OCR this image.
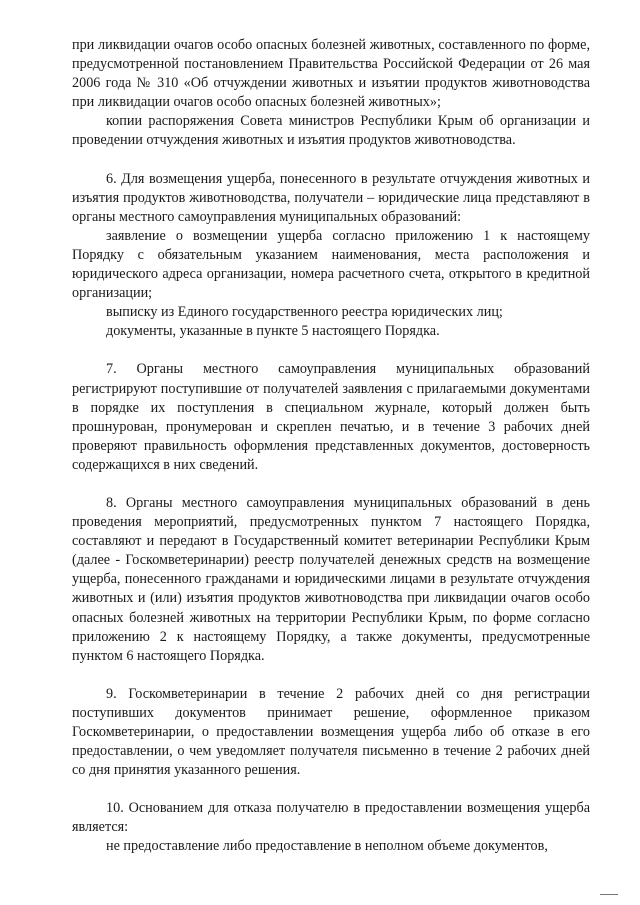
при ликвидации очагов особо опасных болезней животных, составленного по форме, предусмотренной постановлением Правительства Российской Федерации от 26 мая 2006 года № 310 «Об отчуждении животных и изъятии продуктов животноводства при ликвидации очагов особо опасных болезней животных»;

копии распоряжения Совета министров Республики Крым об организации и проведении отчуждения животных и изъятия продуктов животноводства.

6. Для возмещения ущерба, понесенного в результате отчуждения животных и изъятия продуктов животноводства, получатели – юридические лица представляют в органы местного самоуправления муниципальных образований:

заявление о возмещении ущерба согласно приложению 1 к настоящему Порядку с обязательным указанием наименования, места расположения и юридического адреса организации, номера расчетного счета, открытого в кредитной организации;

выписку из Единого государственного реестра юридических лиц;

документы, указанные в пункте 5 настоящего Порядка.

7. Органы местного самоуправления муниципальных образований регистрируют поступившие от получателей заявления с прилагаемыми документами в порядке их поступления в специальном журнале, который должен быть прошнурован, пронумерован и скреплен печатью, и в течение 3 рабочих дней проверяют правильность оформления представленных документов, достоверность содержащихся в них сведений.

8. Органы местного самоуправления муниципальных образований в день проведения мероприятий, предусмотренных пунктом 7 настоящего Порядка, составляют и передают в Государственный комитет ветеринарии Республики Крым (далее - Госкомветеринарии) реестр получателей денежных средств на возмещение ущерба, понесенного гражданами и юридическими лицами в результате отчуждения животных и (или) изъятия продуктов животноводства при ликвидации очагов особо опасных болезней животных на территории Республики Крым, по форме согласно приложению 2 к настоящему Порядку, а также документы, предусмотренные пунктом 6 настоящего Порядка.

9. Госкомветеринарии в течение 2 рабочих дней со дня регистрации поступивших документов принимает решение, оформленное приказом Госкомветеринарии, о предоставлении возмещения ущерба либо об отказе в его предоставлении, о чем уведомляет получателя письменно в течение 2 рабочих дней со дня принятия указанного решения.

10. Основанием для отказа получателю в предоставлении возмещения ущерба является:

не предоставление либо предоставление в неполном объеме документов,
